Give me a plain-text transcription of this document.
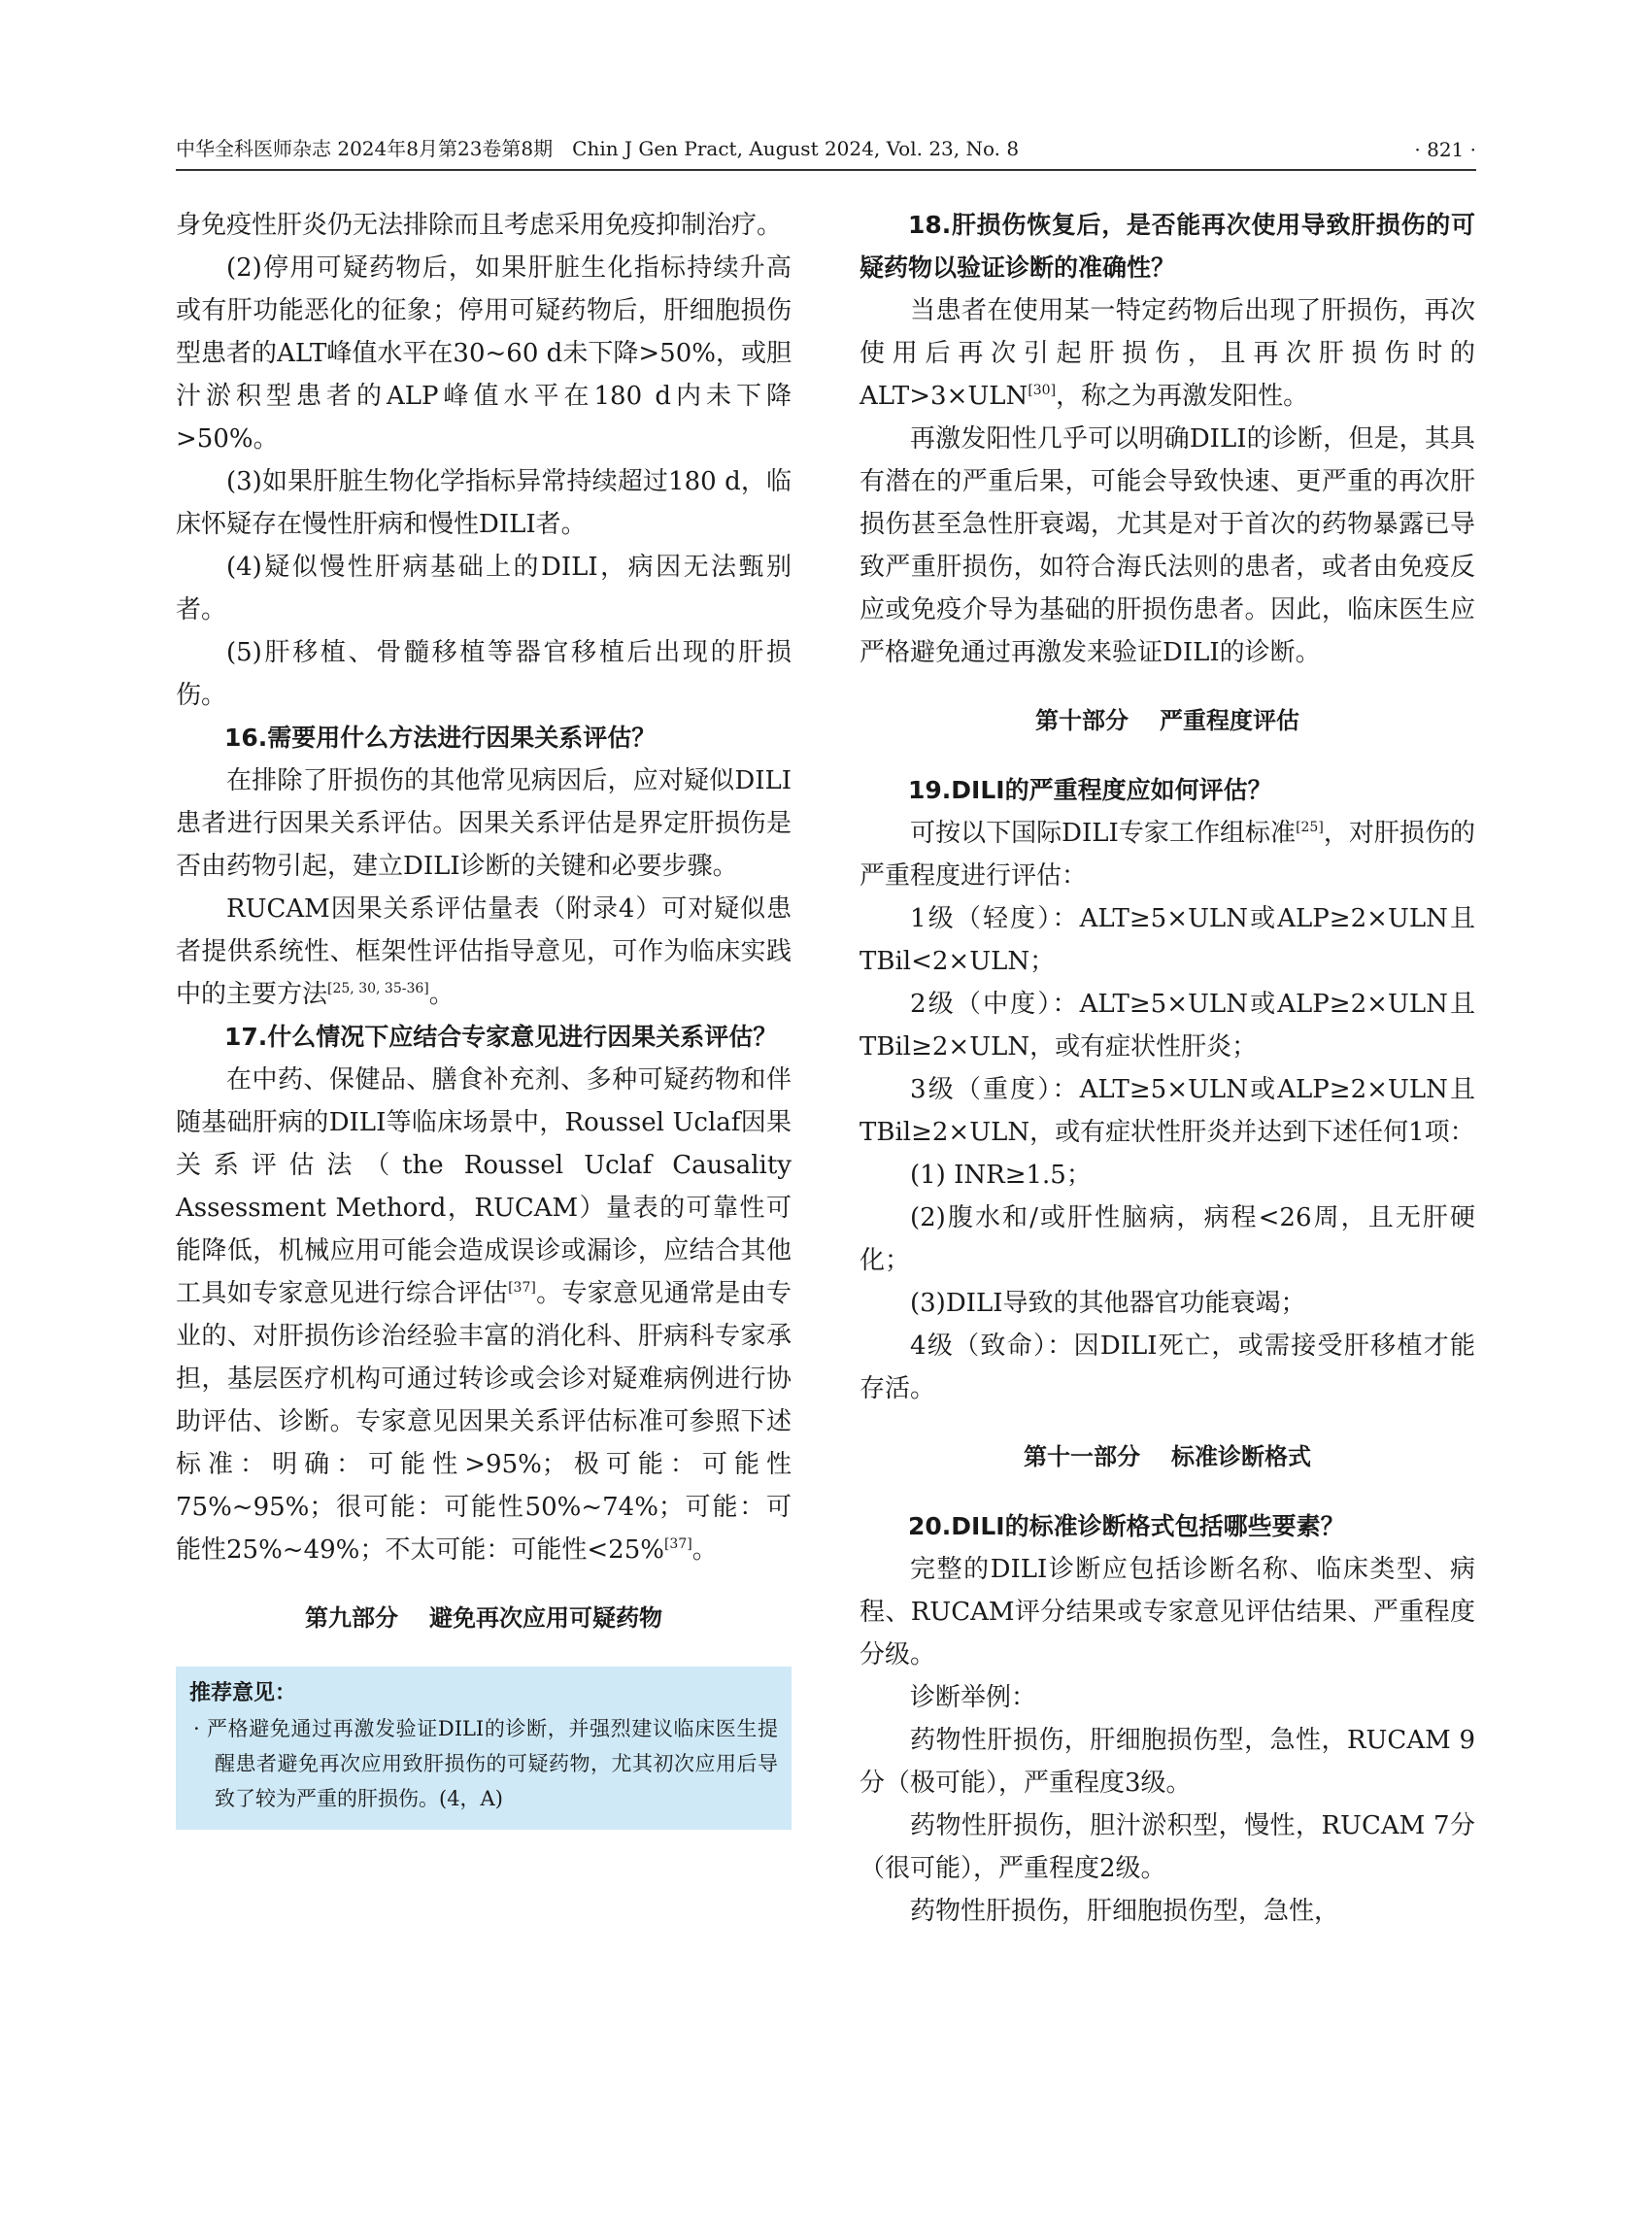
中华全科医师杂志 2024年8月第23卷第8期　Chin J Gen Pract, August 2024, Vol. 23, No. 8	· 821 ·

身免疫性肝炎仍无法排除而且考虑采用免疫抑制治疗。

(2)停用可疑药物后，如果肝脏生化指标持续升高或有肝功能恶化的征象；停用可疑药物后，肝细胞损伤型患者的ALT峰值水平在30~60 d未下降>50%，或胆汁淤积型患者的ALP峰值水平在180 d内未下降>50%。

(3)如果肝脏生物化学指标异常持续超过180 d，临床怀疑存在慢性肝病和慢性DILI者。

(4)疑似慢性肝病基础上的DILI，病因无法甄别者。

(5)肝移植、骨髓移植等器官移植后出现的肝损伤。

16.需要用什么方法进行因果关系评估？

在排除了肝损伤的其他常见病因后，应对疑似DILI患者进行因果关系评估。因果关系评估是界定肝损伤是否由药物引起，建立DILI诊断的关键和必要步骤。

RUCAM因果关系评估量表（附录4）可对疑似患者提供系统性、框架性评估指导意见，可作为临床实践中的主要方法[25, 30, 35-36]。

17.什么情况下应结合专家意见进行因果关系评估？

在中药、保健品、膳食补充剂、多种可疑药物和伴随基础肝病的DILI等临床场景中，Roussel Uclaf因果关系评估法（the Roussel Uclaf Causality Assessment Methord，RUCAM）量表的可靠性可能降低，机械应用可能会造成误诊或漏诊，应结合其他工具如专家意见进行综合评估[37]。专家意见通常是由专业的、对肝损伤诊治经验丰富的消化科、肝病科专家承担，基层医疗机构可通过转诊或会诊对疑难病例进行协助评估、诊断。专家意见因果关系评估标准可参照下述标准：明确：可能性>95%；极可能：可能性75%~95%；很可能：可能性50%~74%；可能：可能性25%~49%；不太可能：可能性<25%[37]。

第九部分 避免再次应用可疑药物

推荐意见：

· 严格避免通过再激发验证DILI的诊断，并强烈建议临床医生提醒患者避免再次应用致肝损伤的可疑药物，尤其初次应用后导致了较为严重的肝损伤。(4，A)

18.肝损伤恢复后，是否能再次使用导致肝损伤的可疑药物以验证诊断的准确性？

当患者在使用某一特定药物后出现了肝损伤，再次使用后再次引起肝损伤，且再次肝损伤时的ALT>3×ULN[30]，称之为再激发阳性。

再激发阳性几乎可以明确DILI的诊断，但是，其具有潜在的严重后果，可能会导致快速、更严重的再次肝损伤甚至急性肝衰竭，尤其是对于首次的药物暴露已导致严重肝损伤，如符合海氏法则的患者，或者由免疫反应或免疫介导为基础的肝损伤患者。因此，临床医生应严格避免通过再激发来验证DILI的诊断。

第十部分 严重程度评估

19.DILI的严重程度应如何评估？

可按以下国际DILI专家工作组标准[25]，对肝损伤的严重程度进行评估：

1级（轻度）：ALT≥5×ULN或ALP≥2×ULN且TBil<2×ULN；

2级（中度）：ALT≥5×ULN或ALP≥2×ULN且TBil≥2×ULN，或有症状性肝炎；

3级（重度）：ALT≥5×ULN或ALP≥2×ULN且TBil≥2×ULN，或有症状性肝炎并达到下述任何1项：

(1) INR≥1.5；

(2)腹水和/或肝性脑病，病程<26周，且无肝硬化；

(3)DILI导致的其他器官功能衰竭；

4级（致命）：因DILI死亡，或需接受肝移植才能存活。

第十一部分 标准诊断格式

20.DILI的标准诊断格式包括哪些要素？

完整的DILI诊断应包括诊断名称、临床类型、病程、RUCAM评分结果或专家意见评估结果、严重程度分级。

诊断举例：

药物性肝损伤，肝细胞损伤型，急性，RUCAM 9分（极可能），严重程度3级。

药物性肝损伤，胆汁淤积型，慢性，RUCAM 7分（很可能），严重程度2级。

药物性肝损伤，肝细胞损伤型，急性，
